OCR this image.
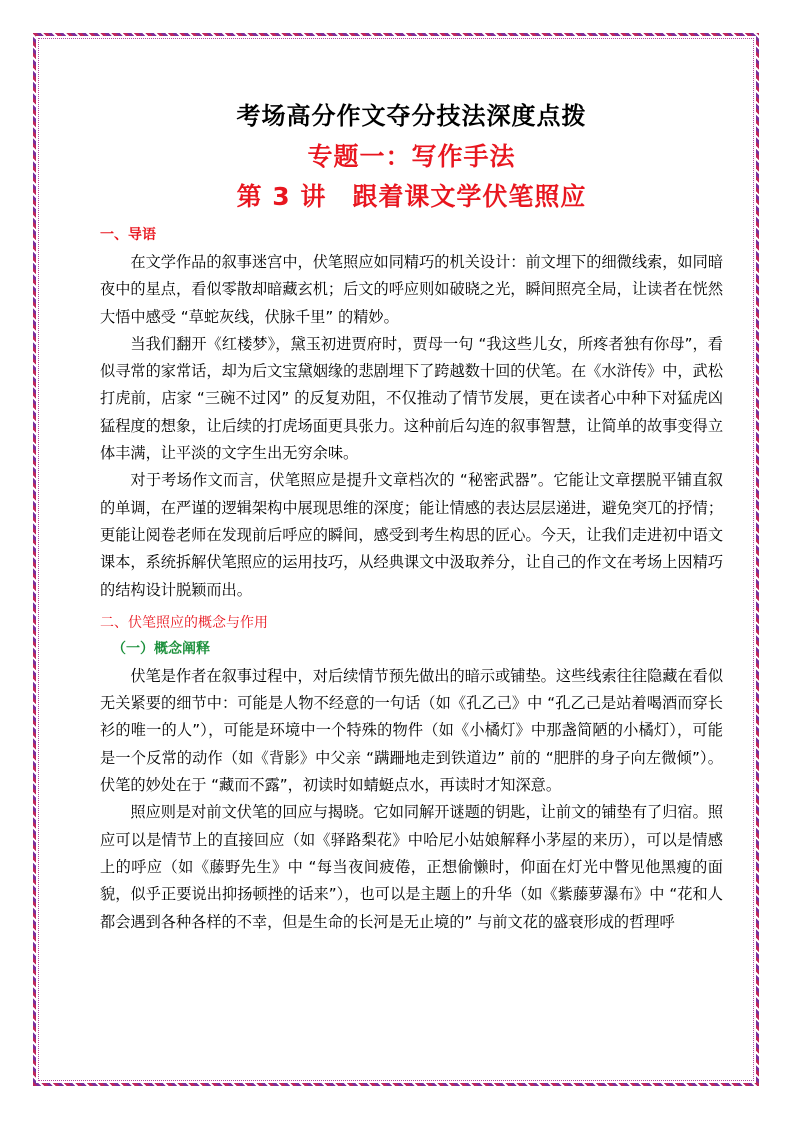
考场高分作文夺分技法深度点拨
专题一：写作手法
第 3 讲　跟着课文学伏笔照应
一、导语

在文学作品的叙事迷宫中，伏笔照应如同精巧的机关设计：前文埋下的细微线索，如同暗夜中的星点，看似零散却暗藏玄机；后文的呼应则如破晓之光，瞬间照亮全局，让读者在恍然大悟中感受 “草蛇灰线，伏脉千里” 的精妙。

当我们翻开《红楼梦》，黛玉初进贾府时，贾母一句 “我这些儿女，所疼者独有你母”，看似寻常的家常话，却为后文宝黛姻缘的悲剧埋下了跨越数十回的伏笔。在《水浒传》中，武松打虎前，店家 “三碗不过冈” 的反复劝阻，不仅推动了情节发展，更在读者心中种下对猛虎凶猛程度的想象，让后续的打虎场面更具张力。这种前后勾连的叙事智慧，让简单的故事变得立体丰满，让平淡的文字生出无穷余味。

对于考场作文而言，伏笔照应是提升文章档次的 “秘密武器”。它能让文章摆脱平铺直叙的单调，在严谨的逻辑架构中展现思维的深度；能让情感的表达层层递进，避免突兀的抒情；更能让阅卷老师在发现前后呼应的瞬间，感受到考生构思的匠心。今天，让我们走进初中语文课本，系统拆解伏笔照应的运用技巧，从经典课文中汲取养分，让自己的作文在考场上因精巧的结构设计脱颖而出。

二、伏笔照应的概念与作用
（一）概念阐释

伏笔是作者在叙事过程中，对后续情节预先做出的暗示或铺垫。这些线索往往隐藏在看似无关紧要的细节中：可能是人物不经意的一句话（如《孔乙己》中 “孔乙己是站着喝酒而穿长衫的唯一的人”），可能是环境中一个特殊的物件（如《小橘灯》中那盏简陋的小橘灯），可能是一个反常的动作（如《背影》中父亲 “蹒跚地走到铁道边” 前的 “肥胖的身子向左微倾”）。伏笔的妙处在于 “藏而不露”，初读时如蜻蜓点水，再读时才知深意。

照应则是对前文伏笔的回应与揭晓。它如同解开谜题的钥匙，让前文的铺垫有了归宿。照应可以是情节上的直接回应（如《驿路梨花》中哈尼小姑娘解释小茅屋的来历），可以是情感上的呼应（如《藤野先生》中 “每当夜间疲倦，正想偷懒时，仰面在灯光中瞥见他黑瘦的面貌，似乎正要说出抑扬顿挫的话来”），也可以是主题上的升华（如《紫藤萝瀑布》中 “花和人都会遇到各种各样的不幸，但是生命的长河是无止境的” 与前文花的盛衰形成的哲理呼
